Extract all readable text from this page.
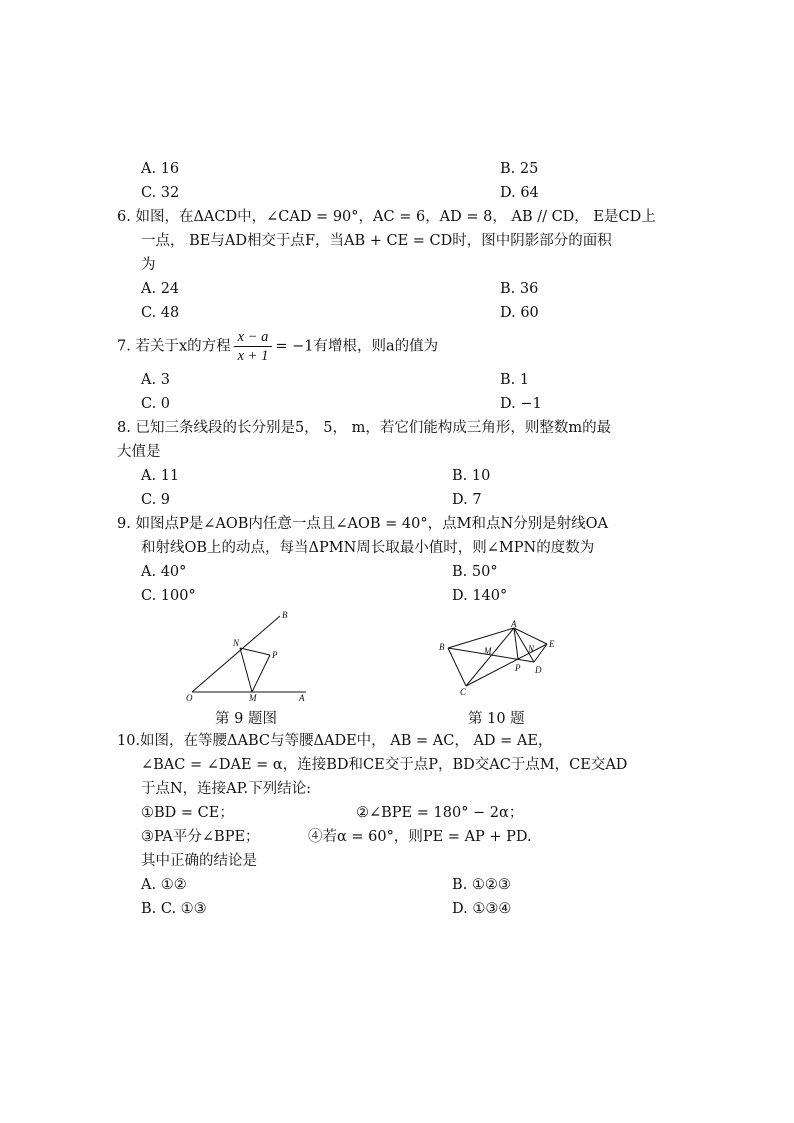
A. 16	B. 25
C. 32	D. 64
6. 如图，在ΔACD中，∠CAD = 90°，AC = 6，AD = 8， AB // CD， E是CD上
一点， BE与AD相交于点F，当AB + CE = CD时，图中阴影部分的面积
为
A. 24	B. 36
C. 48	D. 60
7. 若关于x的方程 $\frac{x - a}{x + 1} = -1$有增根，则a的值为
A. 3	B. 1
C. 0	D. −1
8. 已知三条线段的长分别是5， 5， m，若它们能构成三角形，则整数m的最
大值是
A. 11	B. 10
C. 9	D. 7
9. 如图点P是∠AOB内任意一点且∠AOB = 40°，点M和点N分别是射线OA
和射线OB上的动点，每当ΔPMN周长取最小值时，则∠MPN的度数为
A. 40°	B. 50°
C. 100°	D. 140°
B
N
P
O	M	A
第 9 题图
A
B	E
M	N
P D
C
第 10 题
10.如图，在等腰ΔABC与等腰ΔADE中， AB = AC， AD = AE，
∠BAC = ∠DAE = α，连接BD和CE交于点P，BD交AC于点M，CE交AD
于点N，连接AP.下列结论:
①BD = CE；	②∠BPE = 180° − 2α；
③PA平分∠BPE；	④若α = 60°，则PE = AP + PD.
其中正确的结论是
A. ①②	B. ①②③
B. C. ①③	D. ①③④
